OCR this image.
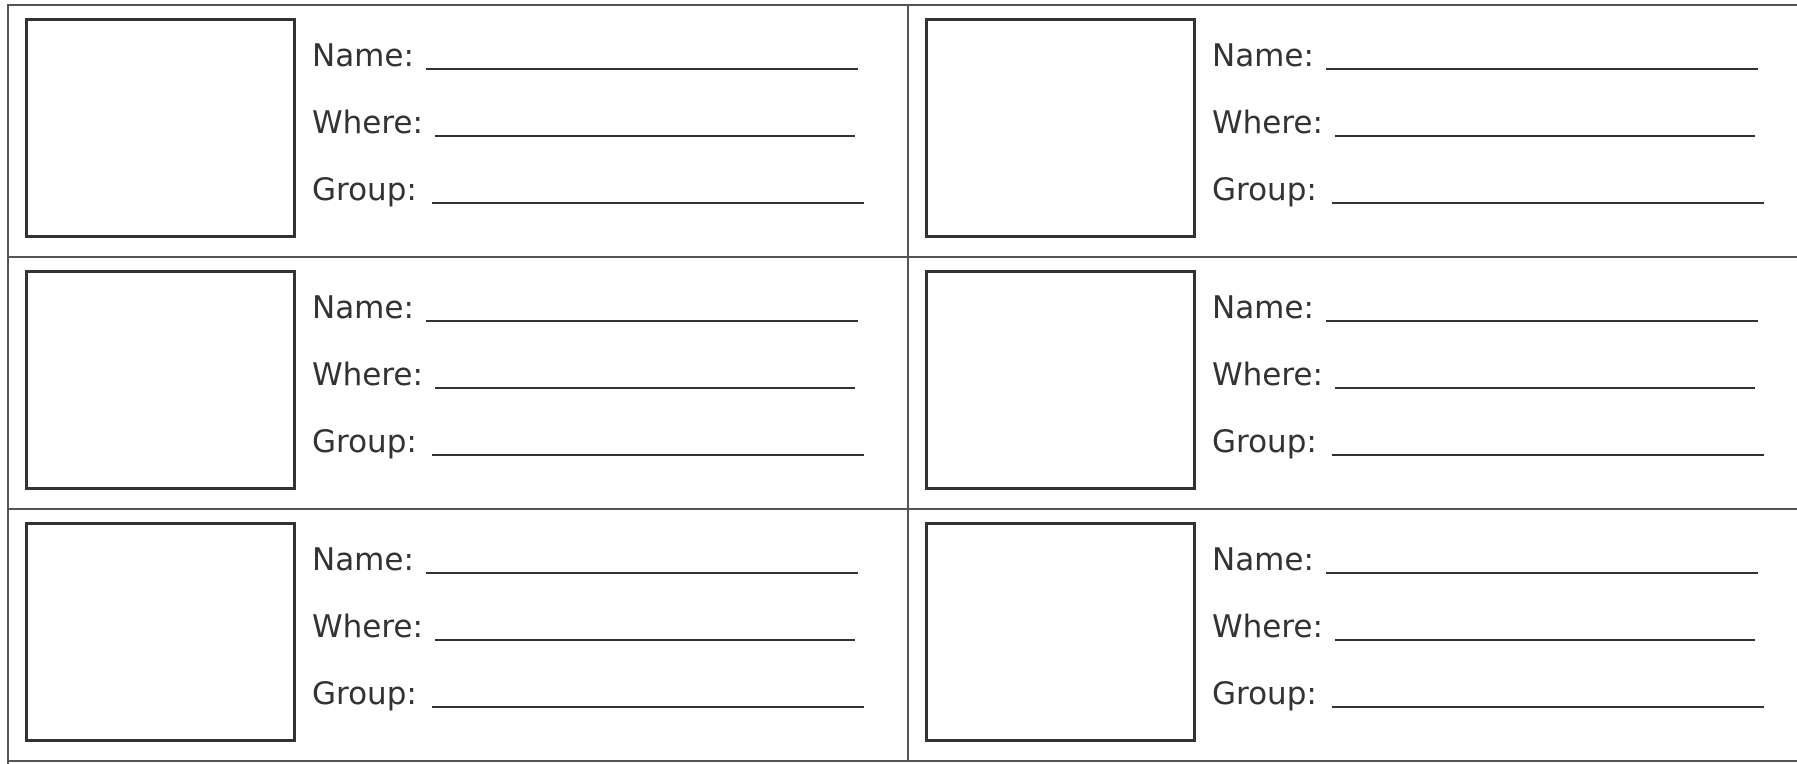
Name:
Where:
Group:
Name:
Where:
Group:
Name:
Where:
Group:
Name:
Where:
Group:
Name:
Where:
Group:
Name:
Where:
Group:
